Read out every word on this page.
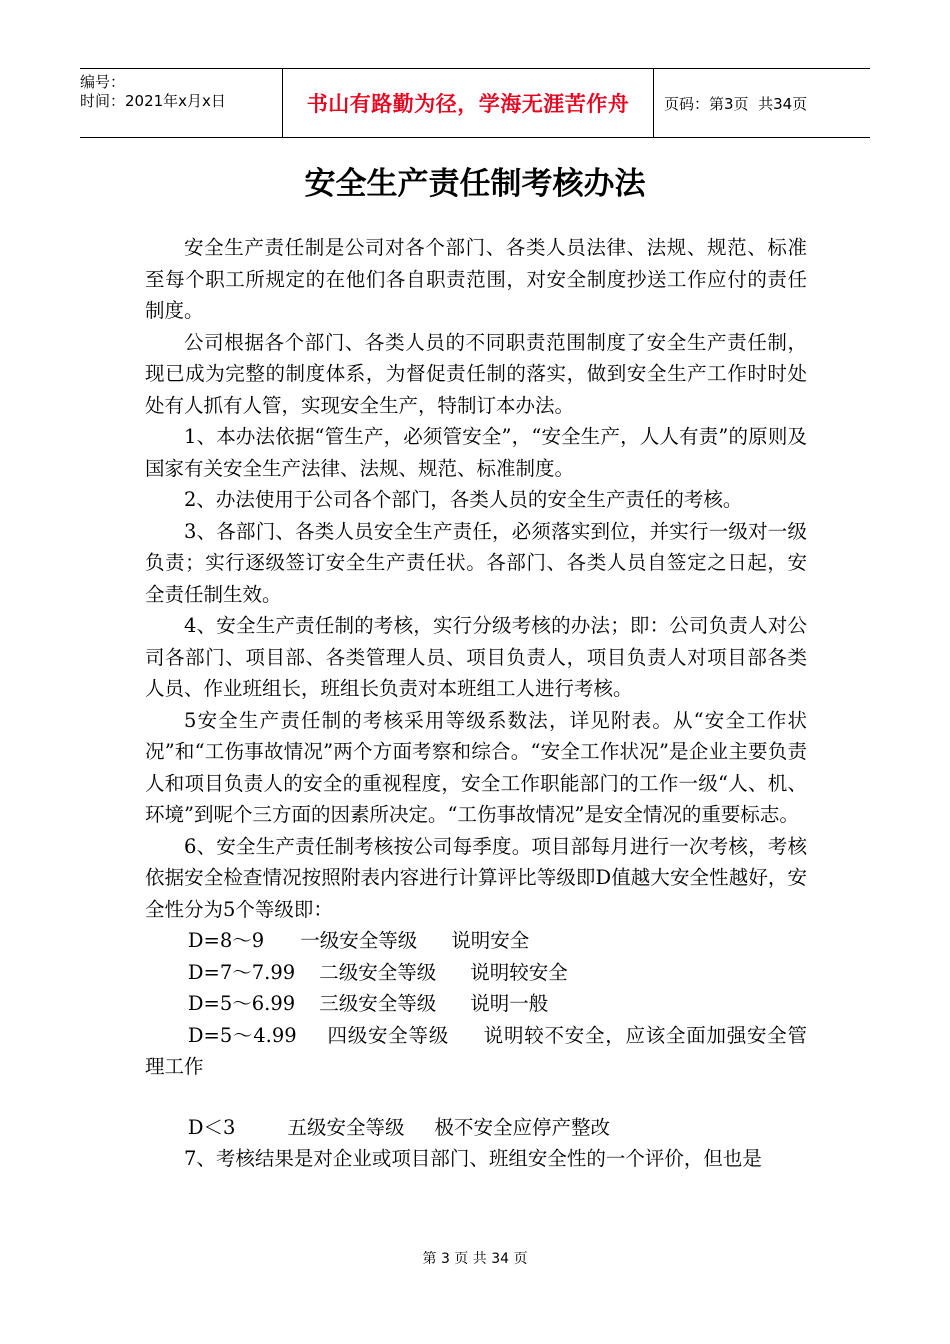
编号：
时间：2021年x月x日	书山有路勤为径，学海无涯苦作舟	页码：第3页  共34页
安全生产责任制考核办法

安全生产责任制是公司对各个部门、各类人员法律、法规、规范、标准至每个职工所规定的在他们各自职责范围，对安全制度抄送工作应付的责任制度。

公司根据各个部门、各类人员的不同职责范围制度了安全生产责任制，现已成为完整的制度体系，为督促责任制的落实，做到安全生产工作时时处处有人抓有人管，实现安全生产，特制订本办法。

1、本办法依据“管生产，必须管安全”，“安全生产，人人有责”的原则及国家有关安全生产法律、法规、规范、标准制度。

2、办法使用于公司各个部门，各类人员的安全生产责任的考核。

3、各部门、各类人员安全生产责任，必须落实到位，并实行一级对一级负责；实行逐级签订安全生产责任状。各部门、各类人员自签定之日起，安全责任制生效。

4、安全生产责任制的考核，实行分级考核的办法；即：公司负责人对公司各部门、项目部、各类管理人员、项目负责人，项目负责人对项目部各类人员、作业班组长，班组长负责对本班组工人进行考核。

5安全生产责任制的考核采用等级系数法，详见附表。从“安全工作状况”和“工伤事故情况”两个方面考察和综合。“安全工作状况”是企业主要负责人和项目负责人的安全的重视程度，安全工作职能部门的工作一级“人、机、环境”到呢个三方面的因素所决定。“工伤事故情况”是安全情况的重要标志。

6、安全生产责任制考核按公司每季度。项目部每月进行一次考核，考核依据安全检查情况按照附表内容进行计算评比等级即D值越大安全性越好，安全性分为5个等级即：

D=8～9 一级安全等级 说明安全

D=7～7.99 二级安全等级 说明较安全

D=5～6.99 三级安全等级 说明一般

D=5～4.99 四级安全等级 说明较不安全，应该全面加强安全管理工作

D＜3	五级安全等级 极不安全应停产整改

7、考核结果是对企业或项目部门、班组安全性的一个评价，但也是

第 3 页 共 34 页
